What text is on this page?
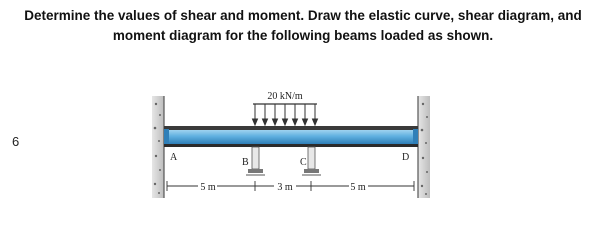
Determine the values of shear and moment. Draw the elastic curve, shear diagram, and
moment diagram for the following beams loaded as shown.
6
20 kN/m
A	B	C	D
5 m	3 m	5 m
